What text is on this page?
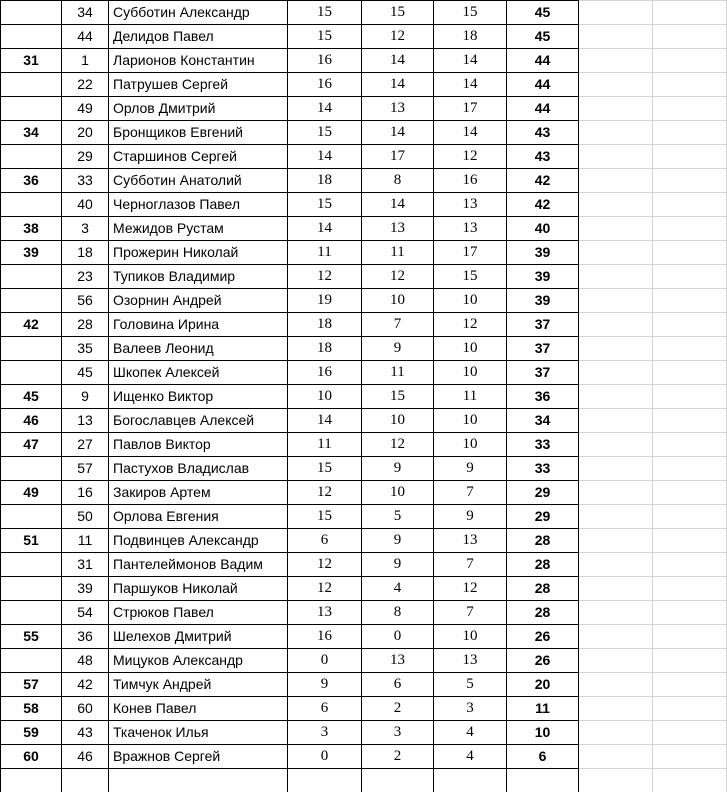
	34	Субботин Александр	15	15	15	45		
	44	Делидов Павел	15	12	18	45		
31	1	Ларионов Константин	16	14	14	44		
	22	Патрушев Сергей	16	14	14	44		
	49	Орлов Дмитрий	14	13	17	44		
34	20	Бронщиков Евгений	15	14	14	43		
	29	Старшинов Сергей	14	17	12	43		
36	33	Субботин Анатолий	18	8	16	42		
	40	Черноглазов Павел	15	14	13	42		
38	3	Межидов Рустам	14	13	13	40		
39	18	Прожерин Николай	11	11	17	39		
	23	Тупиков Владимир	12	12	15	39		
	56	Озорнин Андрей	19	10	10	39		
42	28	Головина Ирина	18	7	12	37		
	35	Валеев Леонид	18	9	10	37		
	45	Шкопек Алексей	16	11	10	37		
45	9	Ищенко Виктор	10	15	11	36		
46	13	Богославцев Алексей	14	10	10	34		
47	27	Павлов Виктор	11	12	10	33		
	57	Пастухов Владислав	15	9	9	33		
49	16	Закиров Артем	12	10	7	29		
	50	Орлова Евгения	15	5	9	29		
51	11	Подвинцев Александр	6	9	13	28		
	31	Пантелеймонов Вадим	12	9	7	28		
	39	Паршуков Николай	12	4	12	28		
	54	Стрюков Павел	13	8	7	28		
55	36	Шелехов Дмитрий	16	0	10	26		
	48	Мицуков Александр	0	13	13	26		
57	42	Тимчук Андрей	9	6	5	20		
58	60	Конев Павел	6	2	3	11		
59	43	Ткаченок Илья	3	3	4	10		
60	46	Вражнов Сергей	0	2	4	6		
